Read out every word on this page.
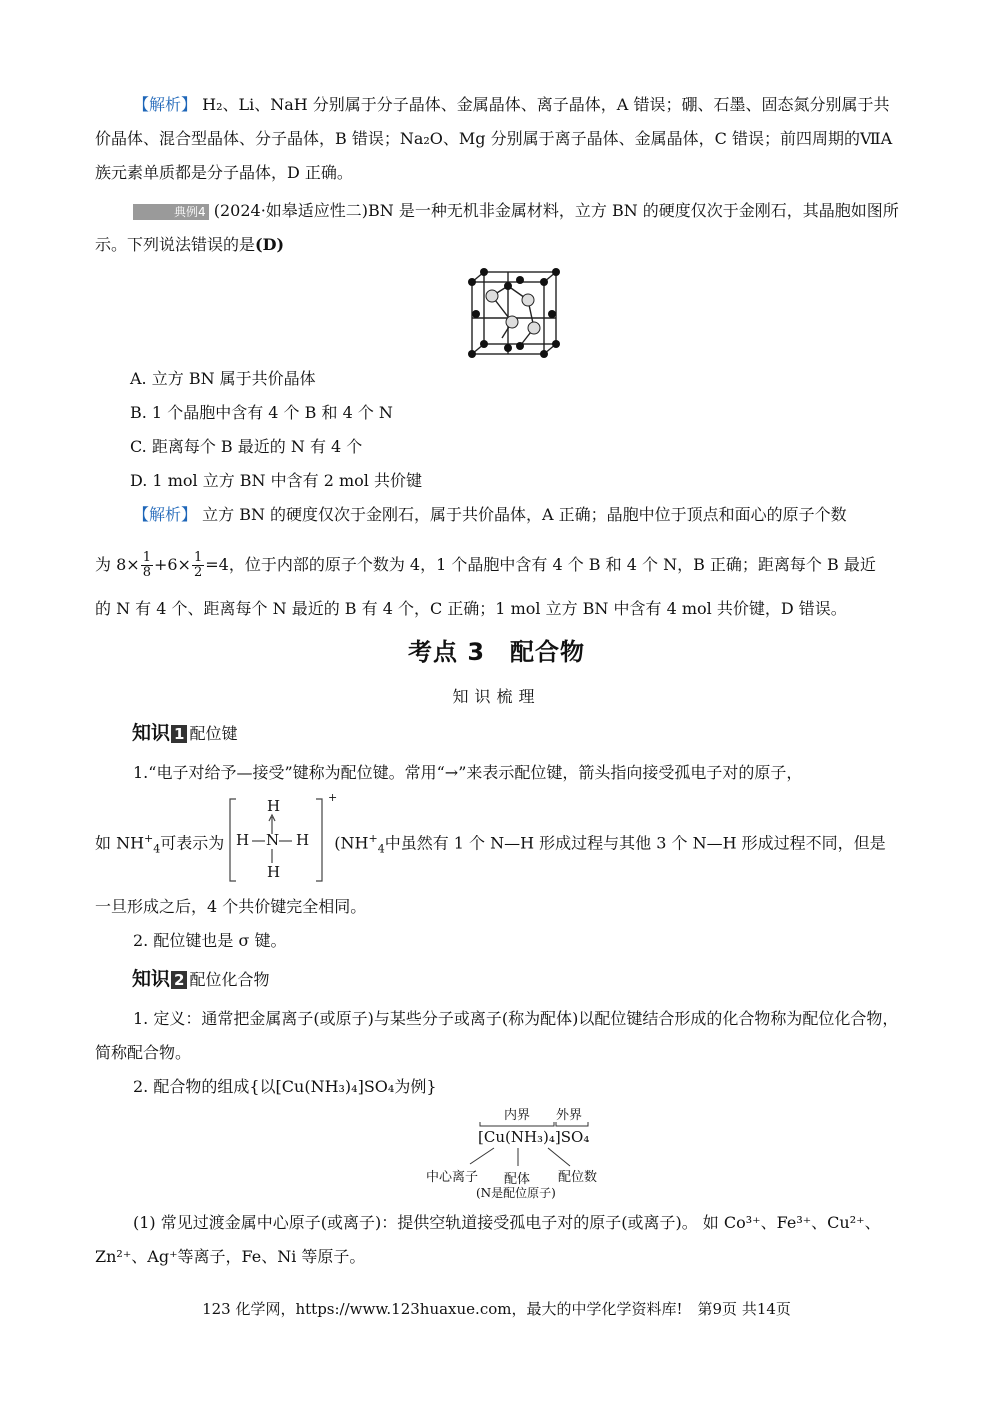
【解析】 H₂、Li、NaH 分别属于分子晶体、金属晶体、离子晶体，A 错误；硼、石墨、固态氮分别属于共价晶体、混合型晶体、分子晶体，B 错误；Na₂O、Mg 分别属于离子晶体、金属晶体，C 错误；前四周期的ⅦA 族元素单质都是分子晶体，D 正确。
典例4 (2024·如皋适应性二)BN 是一种无机非金属材料，立方 BN 的硬度仅次于金刚石，其晶胞如图所示。下列说法错误的是(D)
A. 立方 BN 属于共价晶体
B. 1 个晶胞中含有 4 个 B 和 4 个 N
C. 距离每个 B 最近的 N 有 4 个
D. 1 mol 立方 BN 中含有 2 mol 共价键
【解析】 立方 BN 的硬度仅次于金刚石，属于共价晶体，A 正确；晶胞中位于顶点和面心的原子个数
为 $8\times \frac{1}{8} +6\times \frac{1}{2} =4$，位于内部的原子个数为 4，1 个晶胞中含有 4 个 B 和 4 个 N，B 正确；距离每个 B 最近
的 N 有 4 个、距离每个 N 最近的 B 有 4 个，C 正确；1 mol 立方 BN 中含有 4 mol 共价键，D 错误。
考点 3　配合物
知识梳理
知识 1 配位键
1.“电子对给予—接受”键称为配位键。常用“→”来表示配位键，箭头指向接受孤电子对的原子，
如 $NH^+_4$可表示为	($NH^+_4$中虽然有 1 个 N—H 形成过程与其他 3 个 N—H 形成过程不同，但是
H
H N H
H
+
一旦形成之后，4 个共价键完全相同。
2. 配位键也是 σ 键。
知识 2 配位化合物
1. 定义：通常把金属离子(或原子)与某些分子或离子(称为配体)以配位键结合形成的化合物称为配位化合物，简称配合物。
2. 配合物的组成{以[Cu(NH₃)₄]SO₄为例}
内界 外界
[Cu(NH₃)₄]SO₄
中心离子 配体 配位数
(N是配位原子)
(1) 常见过渡金属中心原子(或离子)：提供空轨道接受孤电子对的原子(或离子)。 如 Co³⁺、Fe³⁺、Cu²⁺、Zn²⁺、Ag⁺等离子，Fe、Ni 等原子。
123 化学网，https://www.123huaxue.com，最大的中学化学资料库!　第9页 共14页
